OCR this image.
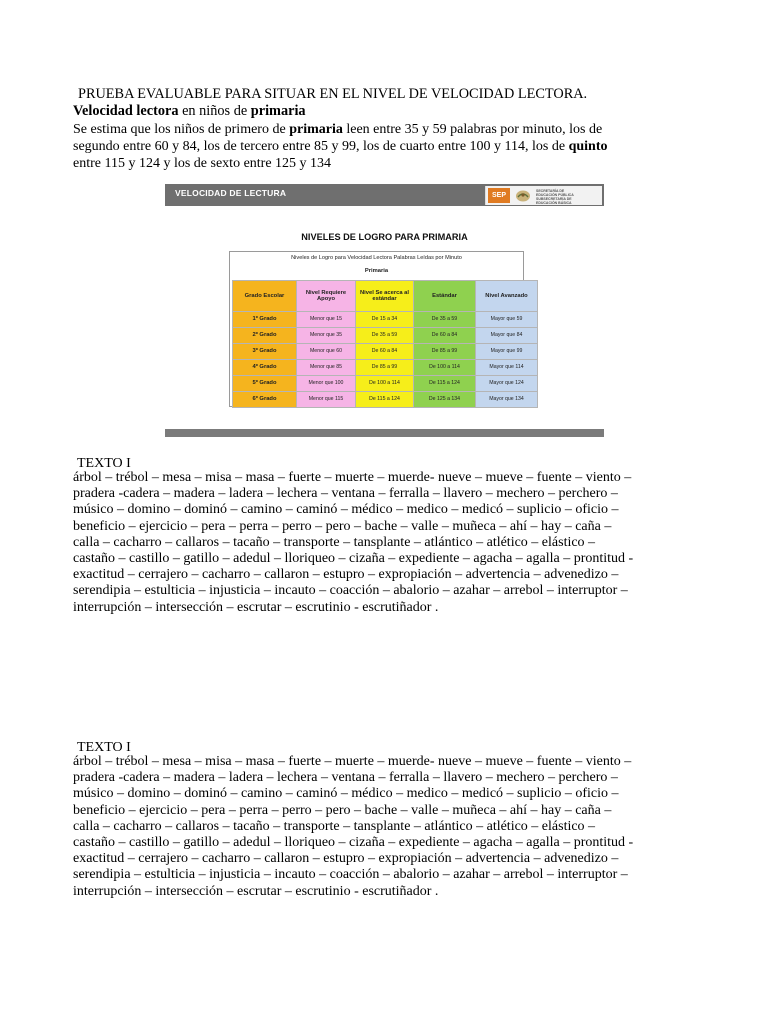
PRUEBA EVALUABLE PARA SITUAR EN EL NIVEL DE VELOCIDAD LECTORA.
Velocidad lectora en niños de primaria

Se estima que los niños de primero de primaria leen entre 35 y 59 palabras por minuto, los de

segundo entre 60 y 84, los de tercero entre 85 y 99, los de cuarto entre 100 y 114, los de quinto

entre 115 y 124 y los de sexto entre 125 y 134

VELOCIDAD DE LECTURA	SEP
SECRETARÍA DE
EDUCACIÓN PÚBLICA
SUBSECRETARÍA DE
EDUCACIÓN BÁSICA
NIVELES DE LOGRO PARA PRIMARIA
Niveles de Logro para Velocidad Lectora Palabras Leídas por Minuto
Primaria
Grado Escolar	Nivel Requiere Apoyo	Nivel Se acerca al estándar	Estándar	Nivel Avanzado
1º Grado	Menor que 15	De 15 a 34	De 35 a 59	Mayor que 59
2º Grado	Menor que 35	De 35 a 59	De 60 a 84	Mayor que 84
3º Grado	Menor que 60	De 60 a 84	De 85 a 99	Mayor que 99
4º Grado	Menor que 85	De 85 a 99	De 100 a 114	Mayor que 114
5º Grado	Menor que 100	De 100 a 114	De 115 a 124	Mayor que 124
6º Grado	Menor que 115	De 115 a 124	De 125 a 134	Mayor que 134
TEXTO I

árbol – trébol – mesa – misa – masa – fuerte – muerte – muerde- nueve – mueve – fuente – viento –

pradera -cadera – madera – ladera – lechera – ventana – ferralla – llavero – mechero – perchero –

músico – domino – dominó – camino – caminó – médico – medico – medicó – suplicio – oficio –

beneficio – ejercicio – pera – perra – perro – pero – bache – valle – muñeca – ahí – hay – caña –

calla – cacharro – callaros – tacaño – transporte – tansplante – atlántico – atlético – elástico –

castaño – castillo – gatillo – adedul – lloriqueo – cizaña – expediente – agacha – agalla – prontitud -

exactitud – cerrajero – cacharro – callaron – estupro – expropiación – advertencia – advenedizo –

serendipia – estulticia – injusticia – incauto – coacción – abalorio – azahar – arrebol – interruptor –

interrupción – intersección – escrutar – escrutinio - escrutiñador .

TEXTO I

árbol – trébol – mesa – misa – masa – fuerte – muerte – muerde- nueve – mueve – fuente – viento –

pradera -cadera – madera – ladera – lechera – ventana – ferralla – llavero – mechero – perchero –

músico – domino – dominó – camino – caminó – médico – medico – medicó – suplicio – oficio –

beneficio – ejercicio – pera – perra – perro – pero – bache – valle – muñeca – ahí – hay – caña –

calla – cacharro – callaros – tacaño – transporte – tansplante – atlántico – atlético – elástico –

castaño – castillo – gatillo – adedul – lloriqueo – cizaña – expediente – agacha – agalla – prontitud -

exactitud – cerrajero – cacharro – callaron – estupro – expropiación – advertencia – advenedizo –

serendipia – estulticia – injusticia – incauto – coacción – abalorio – azahar – arrebol – interruptor –

interrupción – intersección – escrutar – escrutinio - escrutiñador .
